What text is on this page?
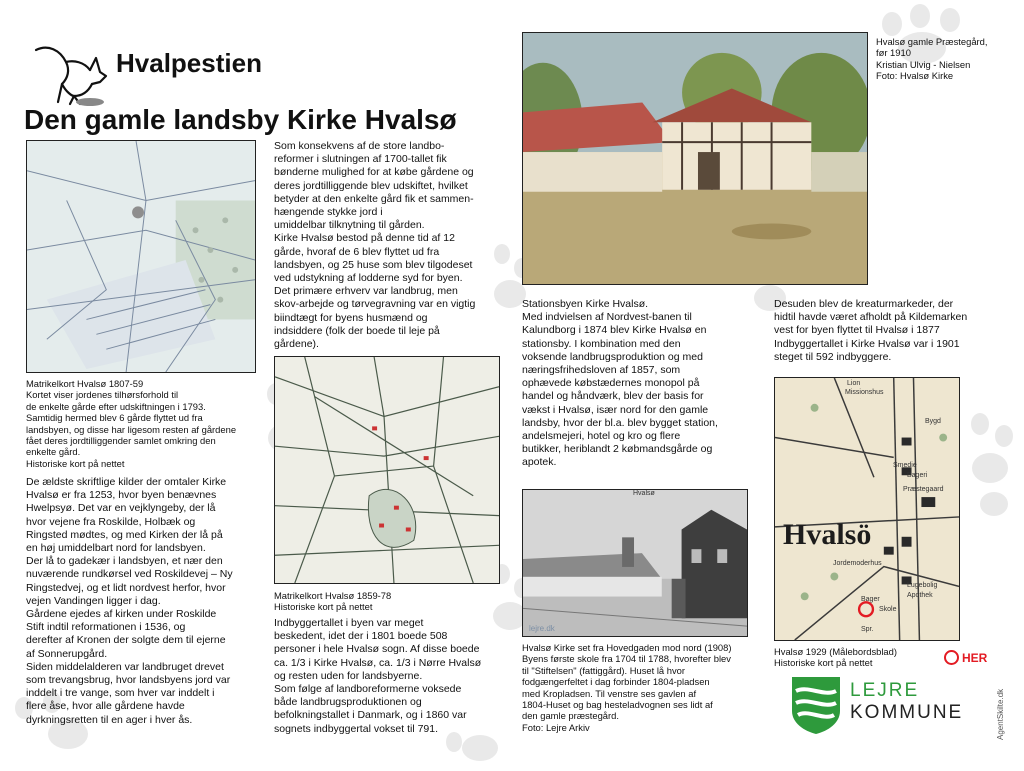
Hvalpestien
Den gamle landsby Kirke Hvalsø
Matrikelkort Hvalsø 1807-59
Kortet viser jordenes tilhørsforhold til
de enkelte gårde efter udskiftningen i 1793.
Samtidig hermed blev 6 gårde flyttet ud fra
landsbyen, og disse har ligesom resten af gårdene
fået deres jordtilliggender samlet omkring den
enkelte gård.
Historiske kort på nettet
De ældste skriftlige kilder der omtaler Kirke
Hvalsø er fra 1253, hvor byen benævnes
Hwelpsyø. Det var en vejklyngeby, der lå
hvor vejene fra Roskilde, Holbæk og
Ringsted mødtes, og med Kirken der lå på
en høj umiddelbart nord for landsbyen.
Der lå to gadekær i landsbyen, et nær den
nuværende rundkørsel ved Roskildevej – Ny
Ringstedvej, og et lidt nordvest herfor, hvor
vejen Vandingen ligger i dag.
Gårdene ejedes af kirken under Roskilde
Stift indtil reformationen i 1536, og
derefter af Kronen der solgte dem til ejerne
af Sonnerupgård.
Siden middelalderen var landbruget drevet
som trevangsbrug, hvor landsbyens jord var
inddelt i tre vange, som hver var inddelt i
flere åse, hvor alle gårdene havde
dyrkningsretten til en ager i hver ås.
Som konsekvens af de store landbo-
reformer i slutningen af 1700-tallet fik
bønderne mulighed for at købe gårdene og
deres jordtilliggende blev udskiftet, hvilket
betyder at den enkelte gård fik et sammen-
hængende stykke jord i
umiddelbar tilknytning til gården.
Kirke Hvalsø bestod på denne tid af 12
gårde, hvoraf de 6 blev flyttet ud fra
landsbyen, og 25 huse som blev tilgodeset
ved udstykning af lodderne syd for byen.
Det primære erhverv var landbrug, men
skov-arbejde og tørvegravning var en vigtig
biindtægt for byens husmænd og
indsiddere (folk der boede til leje på
gårdene).
Matrikelkort Hvalsø 1859-78
Historiske kort på nettet
Indbyggertallet i byen var meget
beskedent, idet der i 1801 boede 508
personer i hele Hvalsø sogn. Af disse boede
ca. 1/3 i Kirke Hvalsø, ca. 1/3 i Nørre Hvalsø
og resten uden for landsbyerne.
Som følge af landboreformerne voksede
både landbrugsproduktionen og
befolkningstallet i Danmark, og i 1860 var
sognets indbyggertal vokset til 791.
Hvalsø gamle Præstegård,
før 1910
Kristian Ulvig - Nielsen
Foto: Hvalsø Kirke
Stationsbyen Kirke Hvalsø.
Med indvielsen af Nordvest-banen til
Kalundborg i 1874 blev Kirke Hvalsø en
stationsby. I kombination med den
voksende landbrugsproduktion og med
næringsfrihedsloven af 1857, som
ophævede købstædernes monopol på
handel og håndværk, blev der basis for
vækst i Hvalsø, især nord for den gamle
landsby, hvor der bl.a. blev bygget station,
andelsmejeri, hotel og kro og flere
butikker, heriblandt 2 købmandsgårde og
apotek.
Hvalsø
lejre.dk
Hvalsø Kirke set fra Hovedgaden mod nord (1908)
Byens første skole fra 1704 til 1788, hvorefter blev
til "Stiftelsen" (fattiggård). Huset lå hvor
fodgængerfeltet i dag forbinder 1804-pladsen
med Kropladsen. Til venstre ses gavlen af
1804-Huset og bag hesteladvognen ses lidt af
den gamle præstegård.
Foto: Lejre Arkiv
Desuden blev de kreaturmarkeder, der
hidtil havde været afholdt på Kildemarken
vest for byen flyttet til Hvalsø i 1877
Indbyggertallet i Kirke Hvalsø var i 1901
steget til 592 indbyggere.
Hvalsö
Lion
Missionshus
Bygd
Smedie
Bageri
Præstegaard
Jordemoderhus
Lugebolig
Apothek
Bager
Skole
Spr.
Hvalsø 1929 (Målebordsblad)
Historiske kort på nettet	HER
LEJRE
KOMMUNE	AgentSkilte.dk
